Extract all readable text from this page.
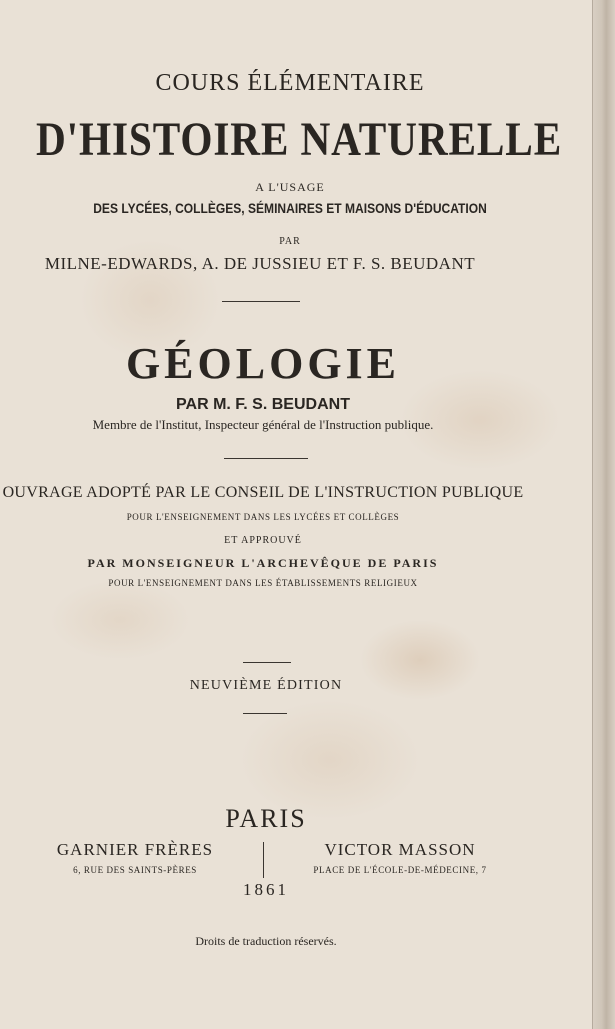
COURS ÉLÉMENTAIRE
D'HISTOIRE NATURELLE
A L'USAGE
DES LYCÉES, COLLÈGES, SÉMINAIRES ET MAISONS D'ÉDUCATION
PAR
MILNE-EDWARDS, A. DE JUSSIEU ET F. S. BEUDANT
GÉOLOGIE
PAR M. F. S. BEUDANT
Membre de l'Institut, Inspecteur général de l'Instruction publique.
OUVRAGE ADOPTÉ PAR LE CONSEIL DE L'INSTRUCTION PUBLIQUE
POUR L'ENSEIGNEMENT DANS LES LYCÉES ET COLLÈGES
ET APPROUVÉ
PAR MONSEIGNEUR L'ARCHEVÊQUE DE PARIS
POUR L'ENSEIGNEMENT DANS LES ÉTABLISSEMENTS RELIGIEUX
NEUVIÈME ÉDITION
PARIS
GARNIER FRÈRES
6, RUE DES SAINTS-PÈRES
VICTOR MASSON
PLACE DE L'ÉCOLE-DE-MÉDECINE, 7
1861
Droits de traduction réservés.
